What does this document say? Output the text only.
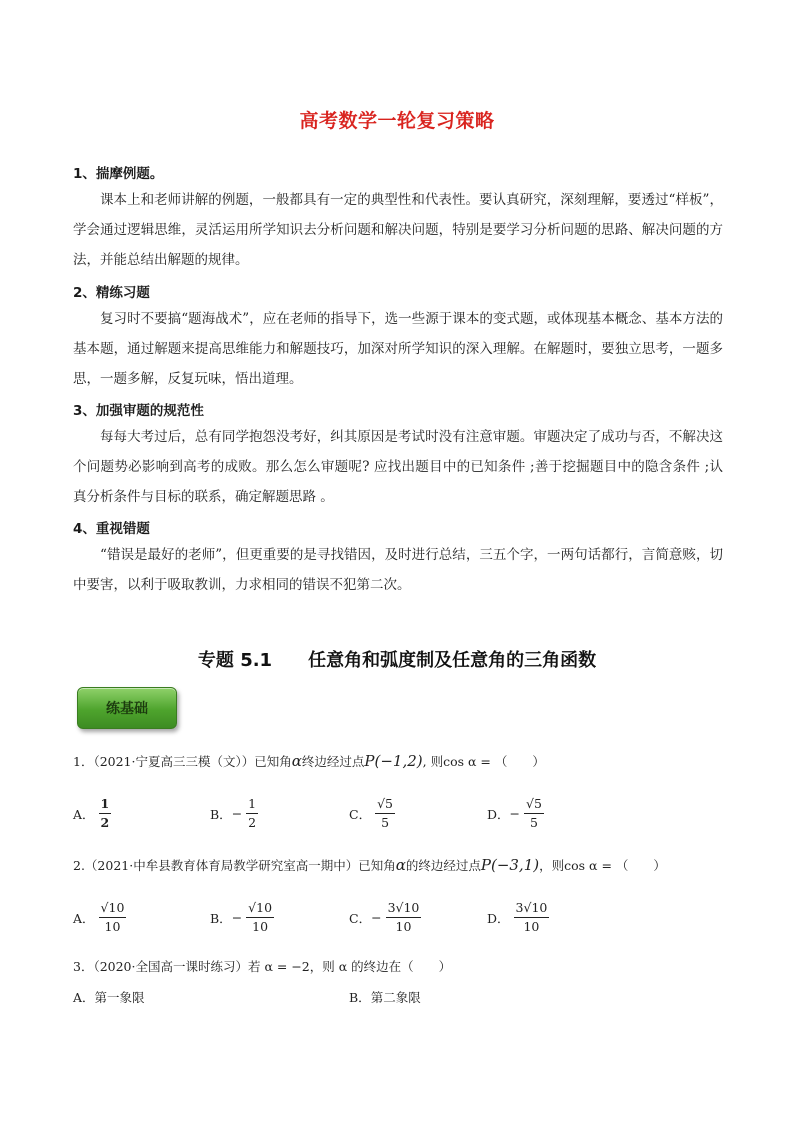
高考数学一轮复习策略
1、揣摩例题。
课本上和老师讲解的例题，一般都具有一定的典型性和代表性。要认真研究，深刻理解，要透过“样板”，学会通过逻辑思维，灵活运用所学知识去分析问题和解决问题，特别是要学习分析问题的思路、解决问题的方法，并能总结出解题的规律。
2、精练习题
复习时不要搞“题海战术”，应在老师的指导下，选一些源于课本的变式题，或体现基本概念、基本方法的基本题，通过解题来提高思维能力和解题技巧，加深对所学知识的深入理解。在解题时，要独立思考，一题多思，一题多解，反复玩味，悟出道理。
3、加强审题的规范性
每每大考过后，总有同学抱怨没考好，纠其原因是考试时没有注意审题。审题决定了成功与否，不解决这个问题势必影响到高考的成败。那么怎么审题呢? 应找出题目中的已知条件 ;善于挖掘题目中的隐含条件 ;认真分析条件与目标的联系，确定解题思路 。
4、重视错题
“错误是最好的老师”，但更重要的是寻找错因，及时进行总结，三五个字，一两句话都行，言简意赅，切中要害，以利于吸取教训，力求相同的错误不犯第二次。
专题 5.1 任意角和弧度制及任意角的三角函数
练基础
1．（2021·宁夏高三三模（文））已知角α终边经过点P(−1,2), 则cos α = （　　）
A． $\frac{1}{2}$	B． − $\frac{1}{2}$	C． $\frac{√5}{5}$	D． − $\frac{√5}{5}$
2.（2021·中牟县教育体育局教学研究室高一期中）已知角α的终边经过点P(−3,1)，则cos α = （　　）
A． $\frac{√10}{10}$	B． − $\frac{√10}{10}$	C． − $\frac{3√10}{10}$	D． $\frac{3√10}{10}$
3．（2020·全国高一课时练习）若 α = −2，则 α 的终边在（　　）
A． 第一象限	B． 第二象限
